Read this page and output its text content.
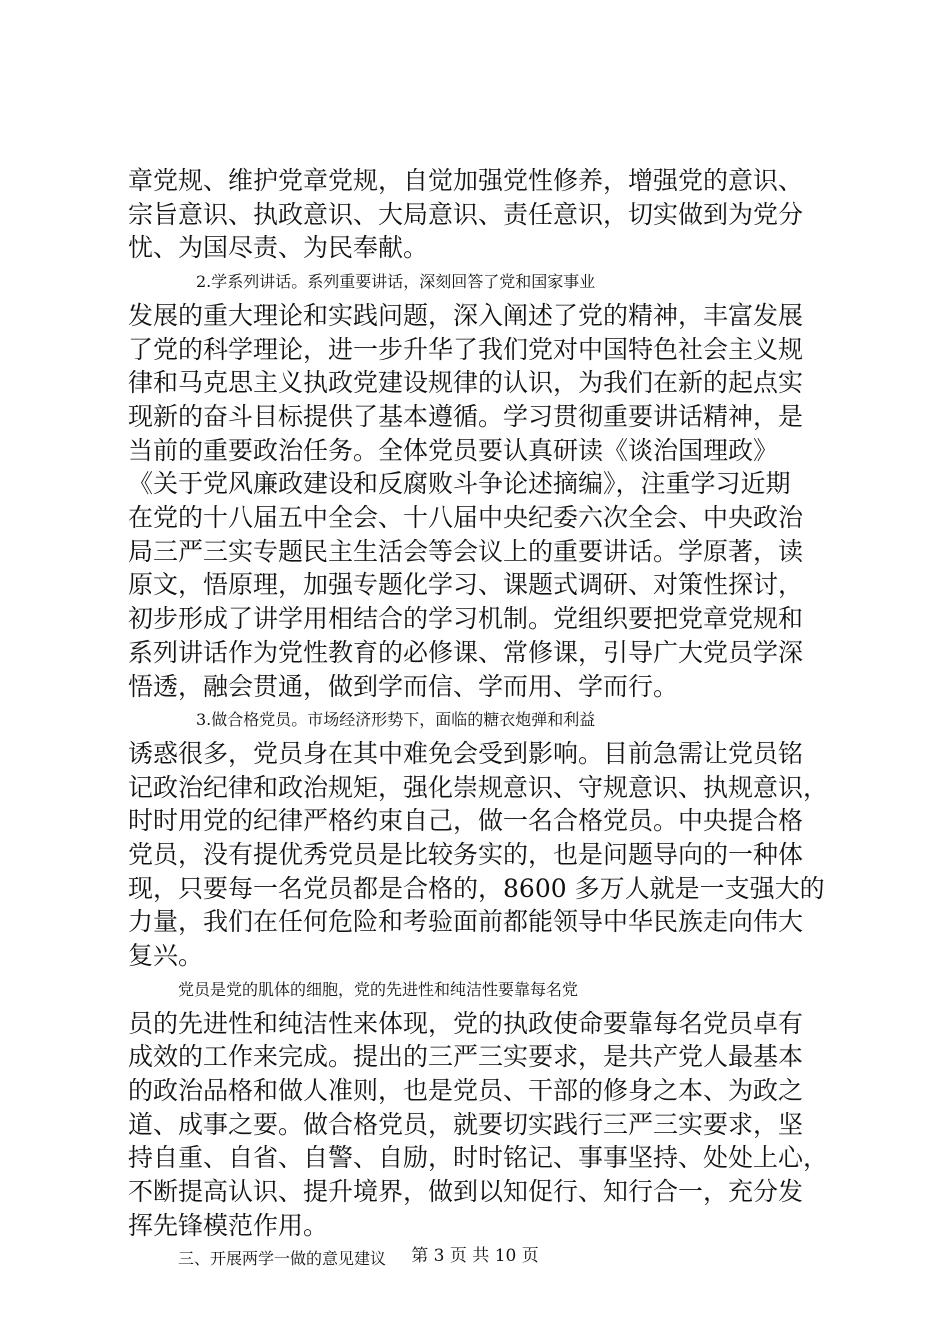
章党规、维护党章党规，自觉加强党性修养，增强党的意识、
宗旨意识、执政意识、大局意识、责任意识，切实做到为党分
忧、为国尽责、为民奉献。
2.学系列讲话。系列重要讲话，深刻回答了党和国家事业
发展的重大理论和实践问题，深入阐述了党的精神，丰富发展
了党的科学理论，进一步升华了我们党对中国特色社会主义规
律和马克思主义执政党建设规律的认识，为我们在新的起点实
现新的奋斗目标提供了基本遵循。学习贯彻重要讲话精神，是
当前的重要政治任务。全体党员要认真研读《谈治国理政》
《关于党风廉政建设和反腐败斗争论述摘编》，注重学习近期
在党的十八届五中全会、十八届中央纪委六次全会、中央政治
局三严三实专题民主生活会等会议上的重要讲话。学原著，读
原文，悟原理，加强专题化学习、课题式调研、对策性探讨，
初步形成了讲学用相结合的学习机制。党组织要把党章党规和
系列讲话作为党性教育的必修课、常修课，引导广大党员学深
悟透，融会贯通，做到学而信、学而用、学而行。
3.做合格党员。市场经济形势下，面临的糖衣炮弹和利益
诱惑很多，党员身在其中难免会受到影响。目前急需让党员铭
记政治纪律和政治规矩，强化崇规意识、守规意识、执规意识，
时时用党的纪律严格约束自己，做一名合格党员。中央提合格
党员，没有提优秀党员是比较务实的，也是问题导向的一种体
现，只要每一名党员都是合格的，8600 多万人就是一支强大的
力量，我们在任何危险和考验面前都能领导中华民族走向伟大
复兴。
党员是党的肌体的细胞，党的先进性和纯洁性要靠每名党
员的先进性和纯洁性来体现，党的执政使命要靠每名党员卓有
成效的工作来完成。提出的三严三实要求，是共产党人最基本
的政治品格和做人准则，也是党员、干部的修身之本、为政之
道、成事之要。做合格党员，就要切实践行三严三实要求，坚
持自重、自省、自警、自励，时时铭记、事事坚持、处处上心，
不断提高认识、提升境界，做到以知促行、知行合一，充分发
挥先锋模范作用。
三、开展两学一做的意见建议	第 3 页 共 10 页
